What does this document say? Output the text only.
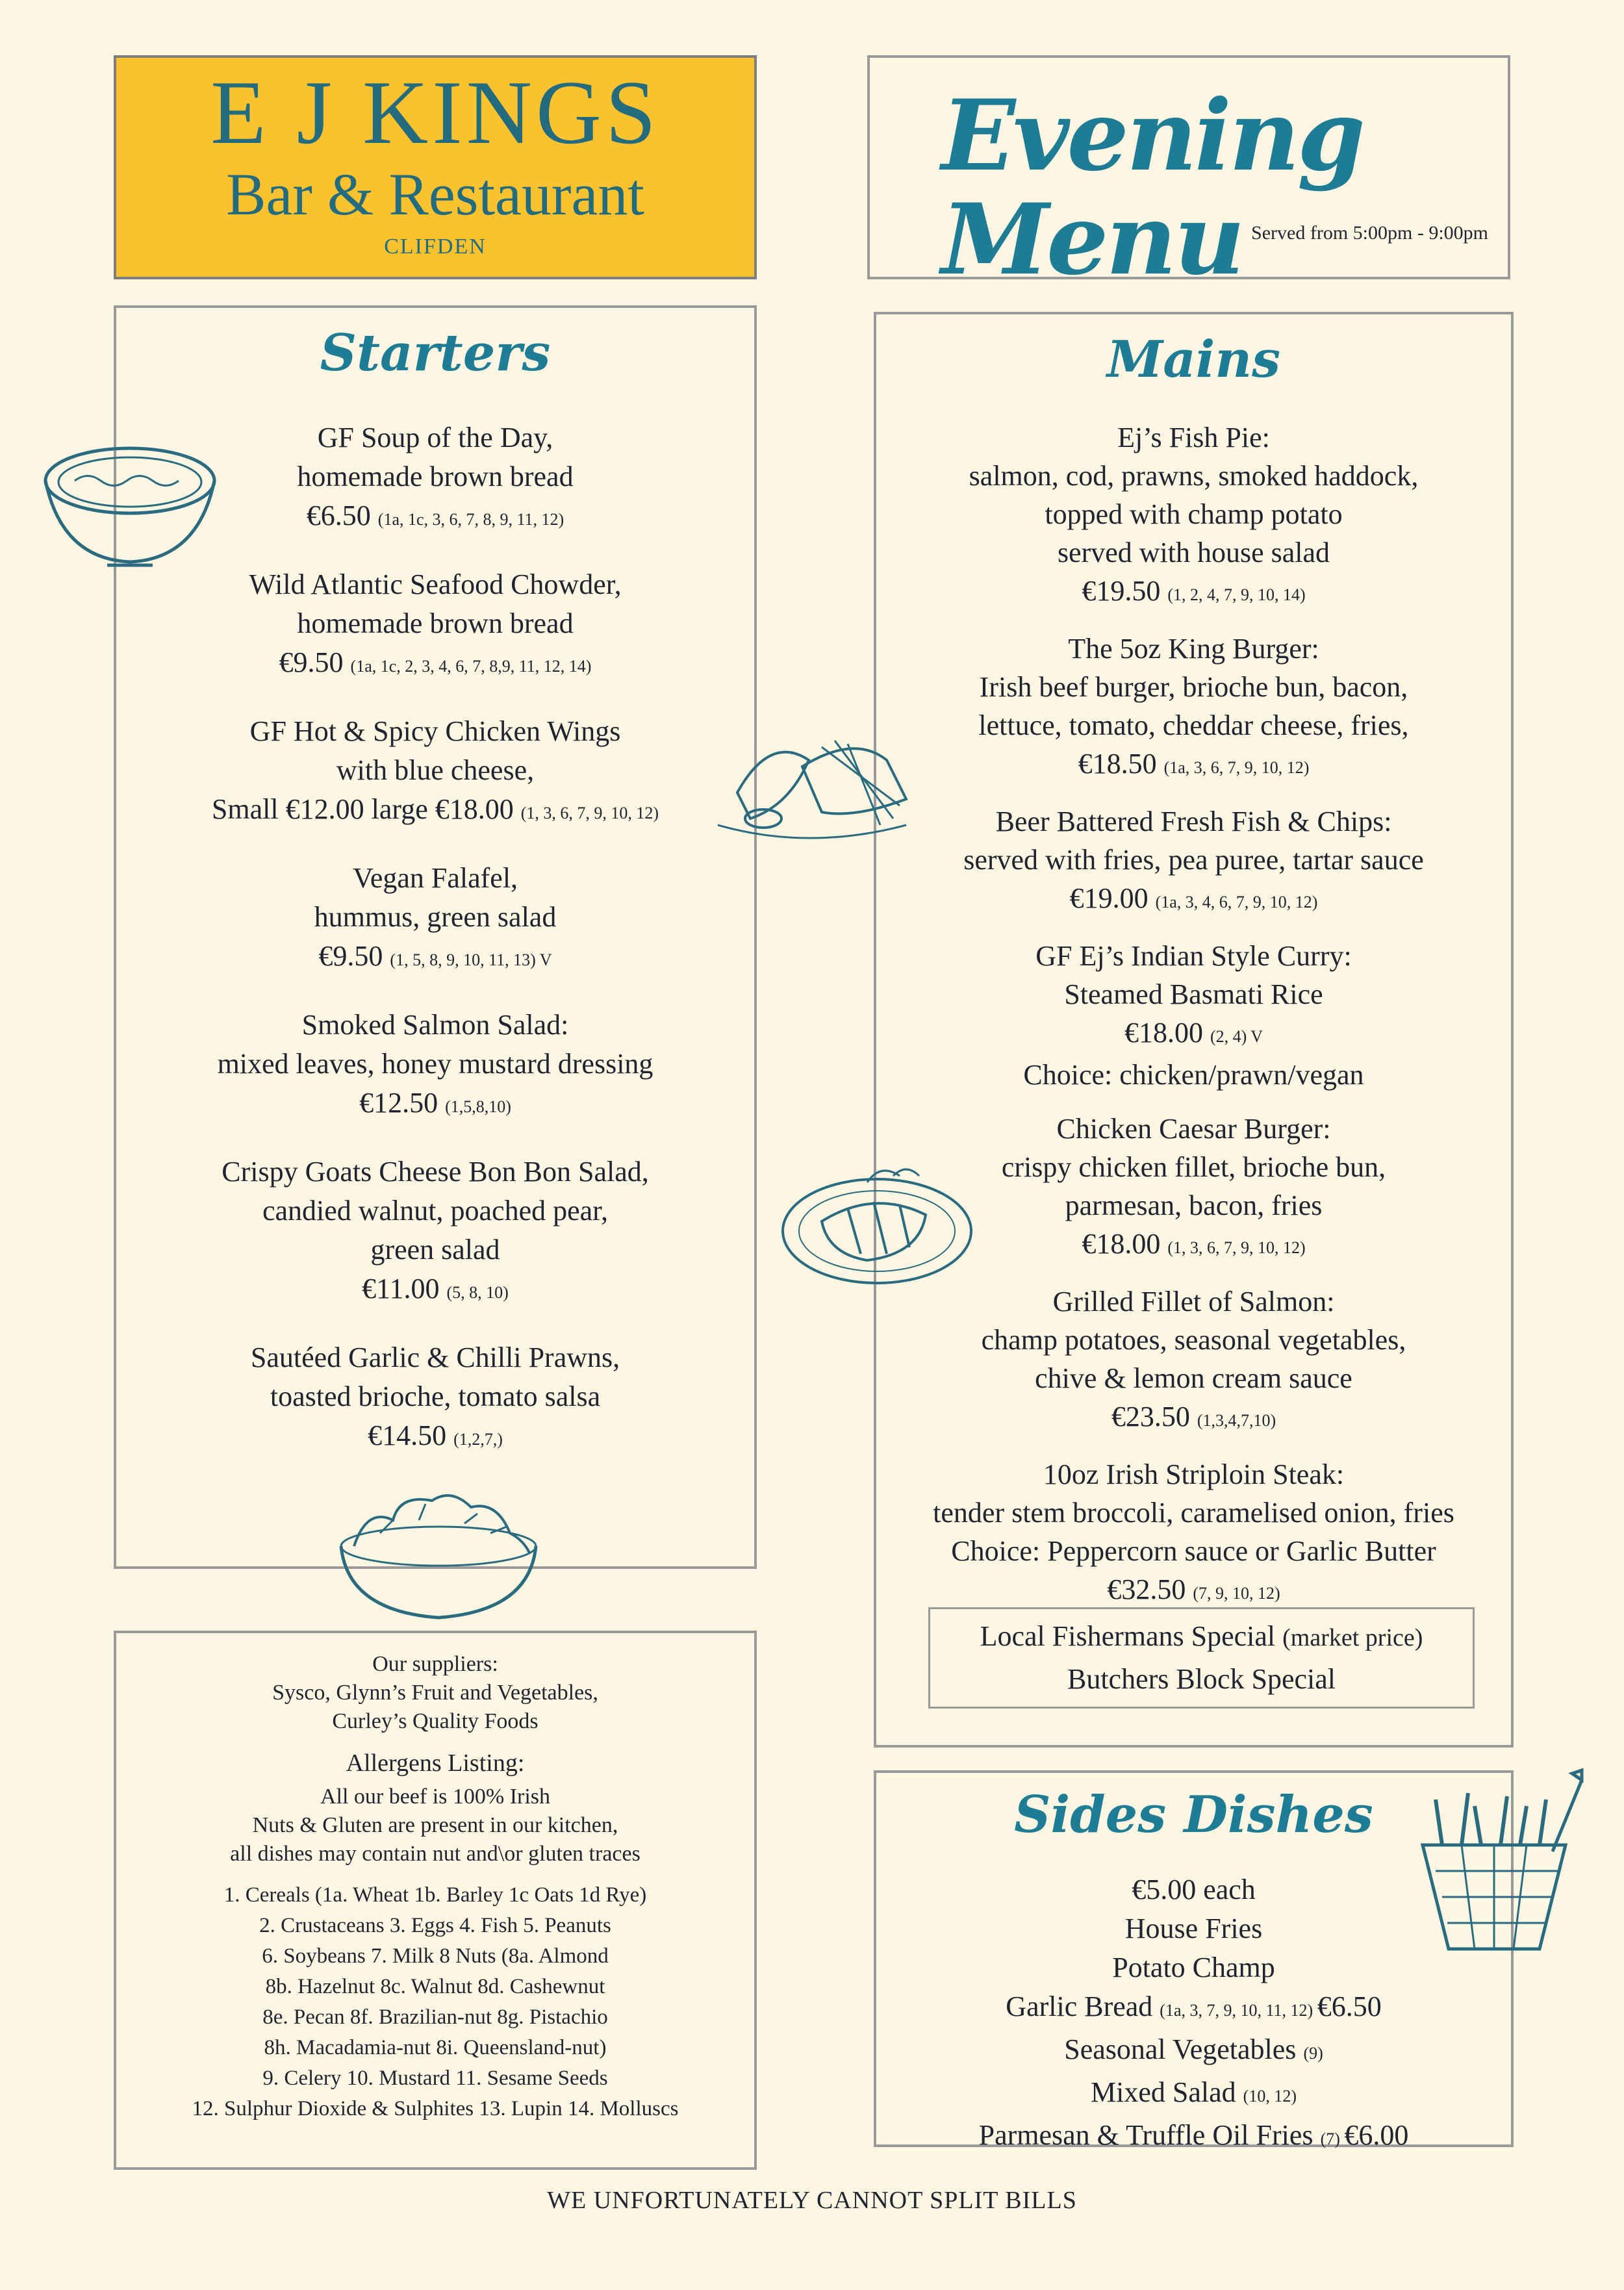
E J KINGS
Bar & Restaurant
CLIFDEN
Evening Menu Served from 5:00pm - 9:00pm
Starters
GF Soup of the Day,
homemade brown bread
€6.50 (1a, 1c, 3, 6, 7, 8, 9, 11, 12)
Wild Atlantic Seafood Chowder,
homemade brown bread
€9.50 (1a, 1c, 2, 3, 4, 6, 7, 8,9, 11, 12, 14)
GF Hot & Spicy Chicken Wings
with blue cheese,
Small €12.00 large €18.00 (1, 3, 6, 7, 9, 10, 12)
Vegan Falafel,
hummus, green salad
€9.50 (1, 5, 8, 9, 10, 11, 13) V
Smoked Salmon Salad:
mixed leaves, honey mustard dressing
€12.50 (1,5,8,10)
Crispy Goats Cheese Bon Bon Salad,
candied walnut, poached pear,
green salad
€11.00 (5, 8, 10)
Sautéed Garlic & Chilli Prawns,
toasted brioche, tomato salsa
€14.50 (1,2,7,)
Mains
Ej’s Fish Pie:
salmon, cod, prawns, smoked haddock,
topped with champ potato
served with house salad
€19.50 (1, 2, 4, 7, 9, 10, 14)
The 5oz King Burger:
Irish beef burger, brioche bun, bacon,
lettuce, tomato, cheddar cheese, fries,
€18.50 (1a, 3, 6, 7, 9, 10, 12)
Beer Battered Fresh Fish & Chips:
served with fries, pea puree, tartar sauce
€19.00 (1a, 3, 4, 6, 7, 9, 10, 12)
GF Ej’s Indian Style Curry:
Steamed Basmati Rice
€18.00 (2, 4) V
Choice: chicken/prawn/vegan
Chicken Caesar Burger:
crispy chicken fillet, brioche bun,
parmesan, bacon, fries
€18.00 (1, 3, 6, 7, 9, 10, 12)
Grilled Fillet of Salmon:
champ potatoes, seasonal vegetables,
chive & lemon cream sauce
€23.50 (1,3,4,7,10)
10oz Irish Striploin Steak:
tender stem broccoli, caramelised onion, fries
Choice: Peppercorn sauce or Garlic Butter
€32.50 (7, 9, 10, 12)
Local Fishermans Special (market price)
Butchers Block Special
Our suppliers:
Sysco, Glynn’s Fruit and Vegetables,
Curley’s Quality Foods
Allergens Listing:
All our beef is 100% Irish
Nuts & Gluten are present in our kitchen,
all dishes may contain nut and\or gluten traces
1. Cereals (1a. Wheat 1b. Barley 1c Oats 1d Rye)
2. Crustaceans 3. Eggs 4. Fish 5. Peanuts
6. Soybeans 7. Milk 8 Nuts (8a. Almond
8b. Hazelnut 8c. Walnut 8d. Cashewnut
8e. Pecan 8f. Brazilian-nut 8g. Pistachio
8h. Macadamia-nut 8i. Queensland-nut)
9. Celery 10. Mustard 11. Sesame Seeds
12. Sulphur Dioxide & Sulphites 13. Lupin 14. Molluscs
Sides Dishes
€5.00 each
House Fries
Potato Champ
Garlic Bread (1a, 3, 7, 9, 10, 11, 12) €6.50
Seasonal Vegetables (9)
Mixed Salad (10, 12)
Parmesan & Truffle Oil Fries (7) €6.00
WE UNFORTUNATELY CANNOT SPLIT BILLS
